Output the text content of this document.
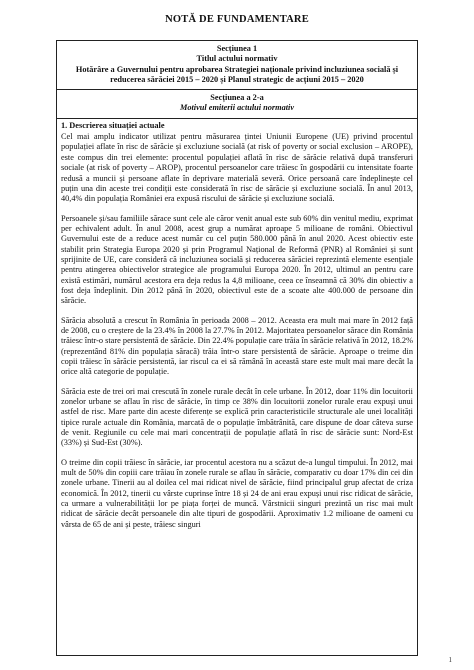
NOTĂ DE FUNDAMENTARE
Secțiunea 1
Titlul actului normativ
Hotărâre a Guvernului pentru aprobarea Strategiei naționale privind incluziunea socială și reducerea sărăciei 2015 – 2020 și Planul strategic de acțiuni 2015 – 2020
Secțiunea a 2-a
Motivul emiterii actului normativ
1. Descrierea situației actuale

Cel mai amplu indicator utilizat pentru măsurarea țintei Uniunii Europene (UE) privind procentul populației aflate în risc de sărăcie și excluziune socială (at risk of poverty or social exclusion – AROPE), este compus din trei elemente: procentul populației aflată în risc de sărăcie relativă după transferuri sociale (at risk of poverty – AROP), procentul persoanelor care trăiesc în gospodării cu intensitate foarte redusă a muncii și persoane aflate în deprivare materială severă. Orice persoană care îndeplinește cel puțin una din aceste trei condiții este considerată în risc de sărăcie și excluziune socială. În anul 2013, 40,4% din populația României era expusă riscului de sărăcie și excluziune socială.

Persoanele și/sau familiile sărace sunt cele ale căror venit anual este sub 60% din venitul mediu, exprimat per echivalent adult. În anul 2008, acest grup a numărat aproape 5 milioane de români. Obiectivul Guvernului este de a reduce acest număr cu cel puțin 580.000 până în anul 2020. Acest obiectiv este stabilit prin Strategia Europa 2020 și prin Programul Național de Reformă (PNR) al României și sunt sprijinite de UE, care consideră că incluziunea socială și reducerea sărăciei reprezintă elemente esențiale pentru atingerea obiectivelor strategice ale programului Europa 2020. În 2012, ultimul an pentru care există estimări, numărul acestora era deja redus la 4,8 milioane, ceea ce înseamnă că 30% din obiectiv a fost deja îndeplinit. Din 2012 până în 2020, obiectivul este de a scoate alte 400.000 de persoane din sărăcie.

Sărăcia absolută a crescut în România în perioada 2008 – 2012. Aceasta era mult mai mare în 2012 față de 2008, cu o creștere de la 23.4% în 2008 la 27.7% în 2012. Majoritatea persoanelor sărace din România trăiesc într-o stare persistentă de sărăcie. Din 22.4% populație care trăia în sărăcie relativă în 2012, 18.2% (reprezentând 81% din populația săracă) trăia într-o stare persistentă de sărăcie. Aproape o treime din copii trăiesc în sărăcie persistentă, iar riscul ca ei să rămână în această stare este mult mai mare decât la orice altă categorie de populație.

Sărăcia este de trei ori mai crescută în zonele rurale decât în cele urbane. În 2012, doar 11% din locuitorii zonelor urbane se aflau în risc de sărăcie, în timp ce 38% din locuitorii zonelor rurale erau expuși unui astfel de risc. Mare parte din aceste diferențe se explică prin caracteristicile structurale ale unei localități tipice rurale actuale din România, marcată de o populație îmbătrânită, care dispune de doar câteva surse de venit. Regiunile cu cele mai mari concentrații de populație aflată în risc de sărăcie sunt: Nord-Est (33%) și Sud-Est (30%).

O treime din copii trăiesc în sărăcie, iar procentul acestora nu a scăzut de-a lungul timpului. În 2012, mai mult de 50% din copiii care trăiau în zonele rurale se aflau în sărăcie, comparativ cu doar 17% din cei din zonele urbane. Tinerii au al doilea cel mai ridicat nivel de sărăcie, fiind principalul grup afectat de criza economică. În 2012, tinerii cu vârste cuprinse între 18 și 24 de ani erau expuși unui risc ridicat de sărăcie, ca urmare a vulnerabilității lor pe piața forței de muncă. Vârstnicii singuri prezintă un risc mai mult ridicat de sărăcie decât persoanele din alte tipuri de gospodării. Aproximativ 1.2 milioane de oameni cu vârsta de 65 de ani și peste, trăiesc singuri

1
